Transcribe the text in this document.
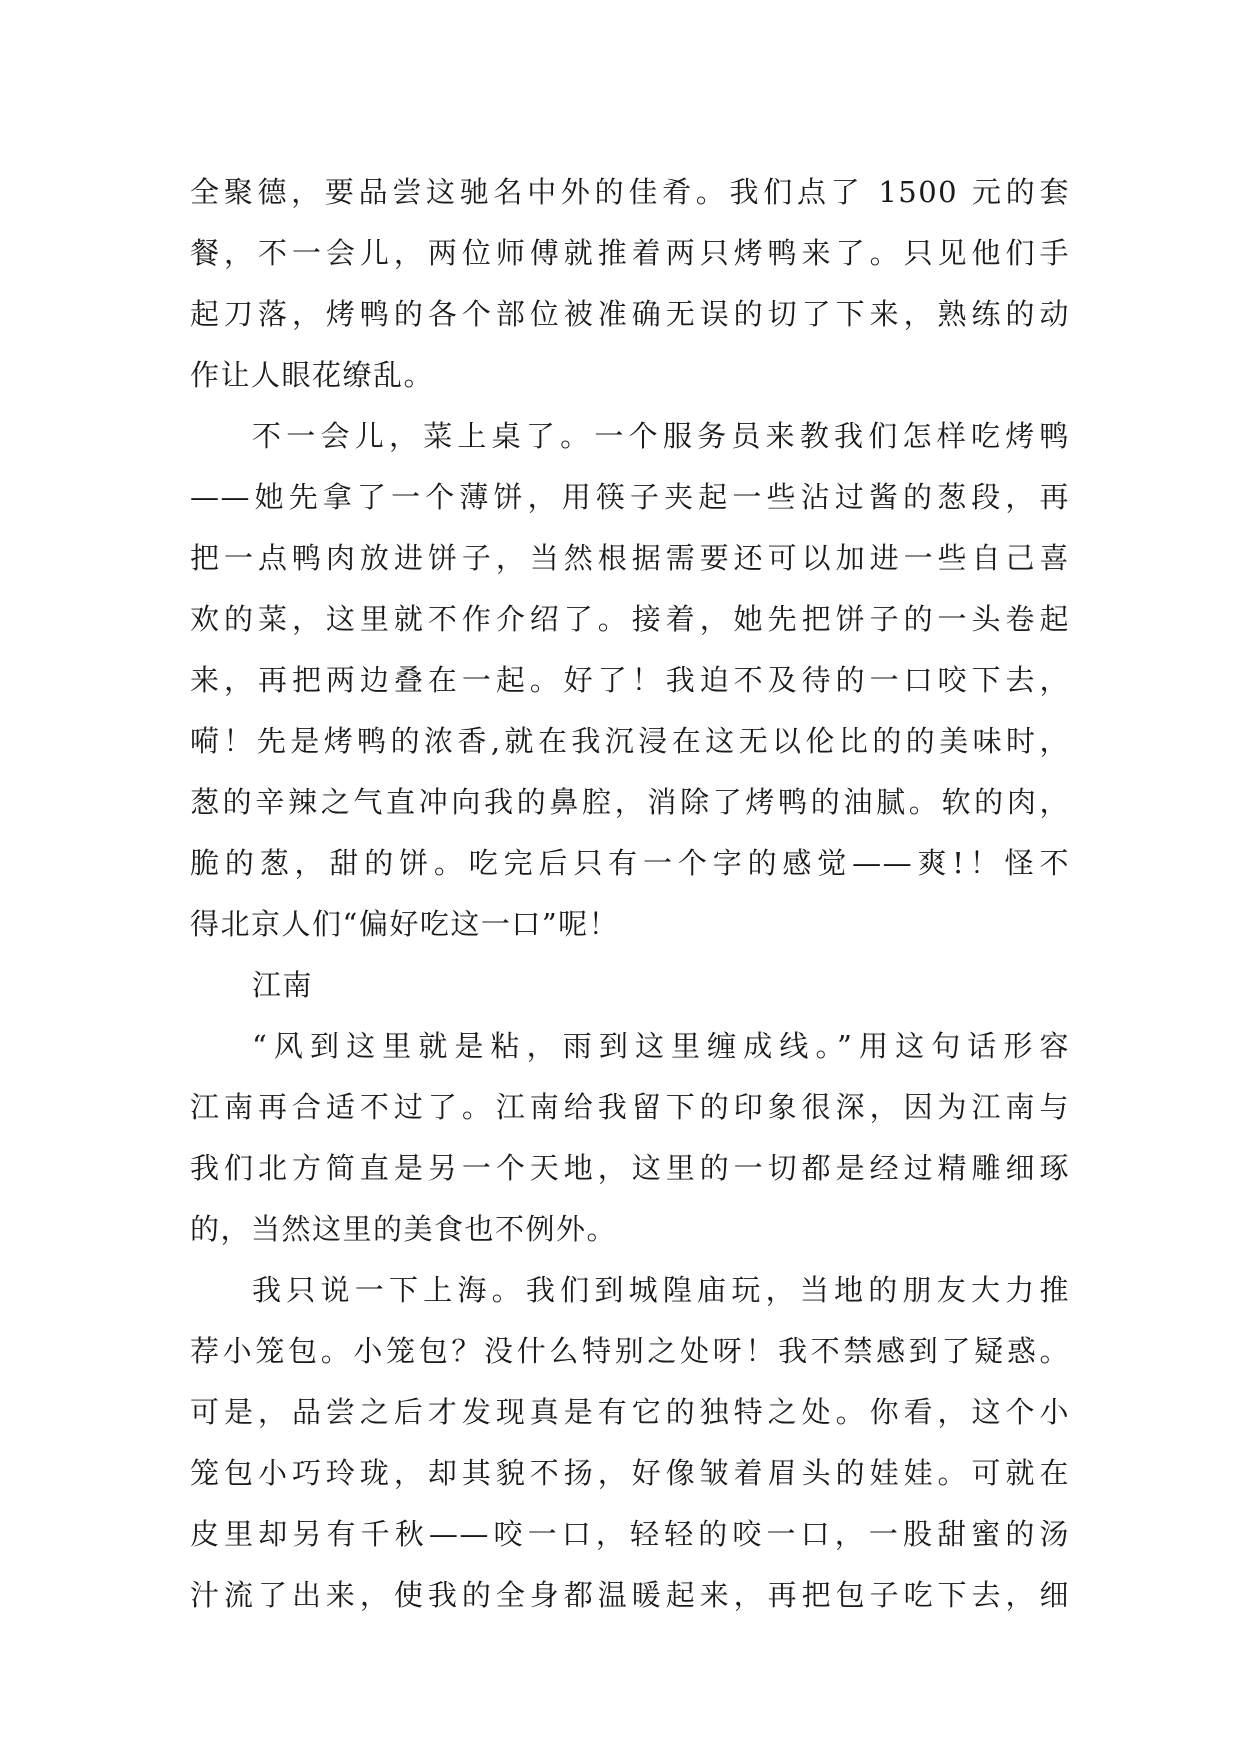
全聚德，要品尝这驰名中外的佳肴。我们点了 1500 元的套
餐，不一会儿，两位师傅就推着两只烤鸭来了。只见他们手
起刀落，烤鸭的各个部位被准确无误的切了下来，熟练的动
作让人眼花缭乱。
不一会儿，菜上桌了。一个服务员来教我们怎样吃烤鸭
——她先拿了一个薄饼，用筷子夹起一些沾过酱的葱段，再
把一点鸭肉放进饼子，当然根据需要还可以加进一些自己喜
欢的菜，这里就不作介绍了。接着，她先把饼子的一头卷起
来，再把两边叠在一起。好了！我迫不及待的一口咬下去，
嗬！先是烤鸭的浓香,就在我沉浸在这无以伦比的的美味时，
葱的辛辣之气直冲向我的鼻腔，消除了烤鸭的油腻。软的肉，
脆的葱，甜的饼。吃完后只有一个字的感觉——爽!！怪不
得北京人们“偏好吃这一口”呢！
江南
“风到这里就是粘，雨到这里缠成线。”用这句话形容
江南再合适不过了。江南给我留下的印象很深，因为江南与
我们北方简直是另一个天地，这里的一切都是经过精雕细琢
的，当然这里的美食也不例外。
我只说一下上海。我们到城隍庙玩，当地的朋友大力推
荐小笼包。小笼包？没什么特别之处呀！我不禁感到了疑惑。
可是，品尝之后才发现真是有它的独特之处。你看，这个小
笼包小巧玲珑，却其貌不扬，好像皱着眉头的娃娃。可就在
皮里却另有千秋——咬一口，轻轻的咬一口，一股甜蜜的汤
汁流了出来，使我的全身都温暖起来，再把包子吃下去，细
